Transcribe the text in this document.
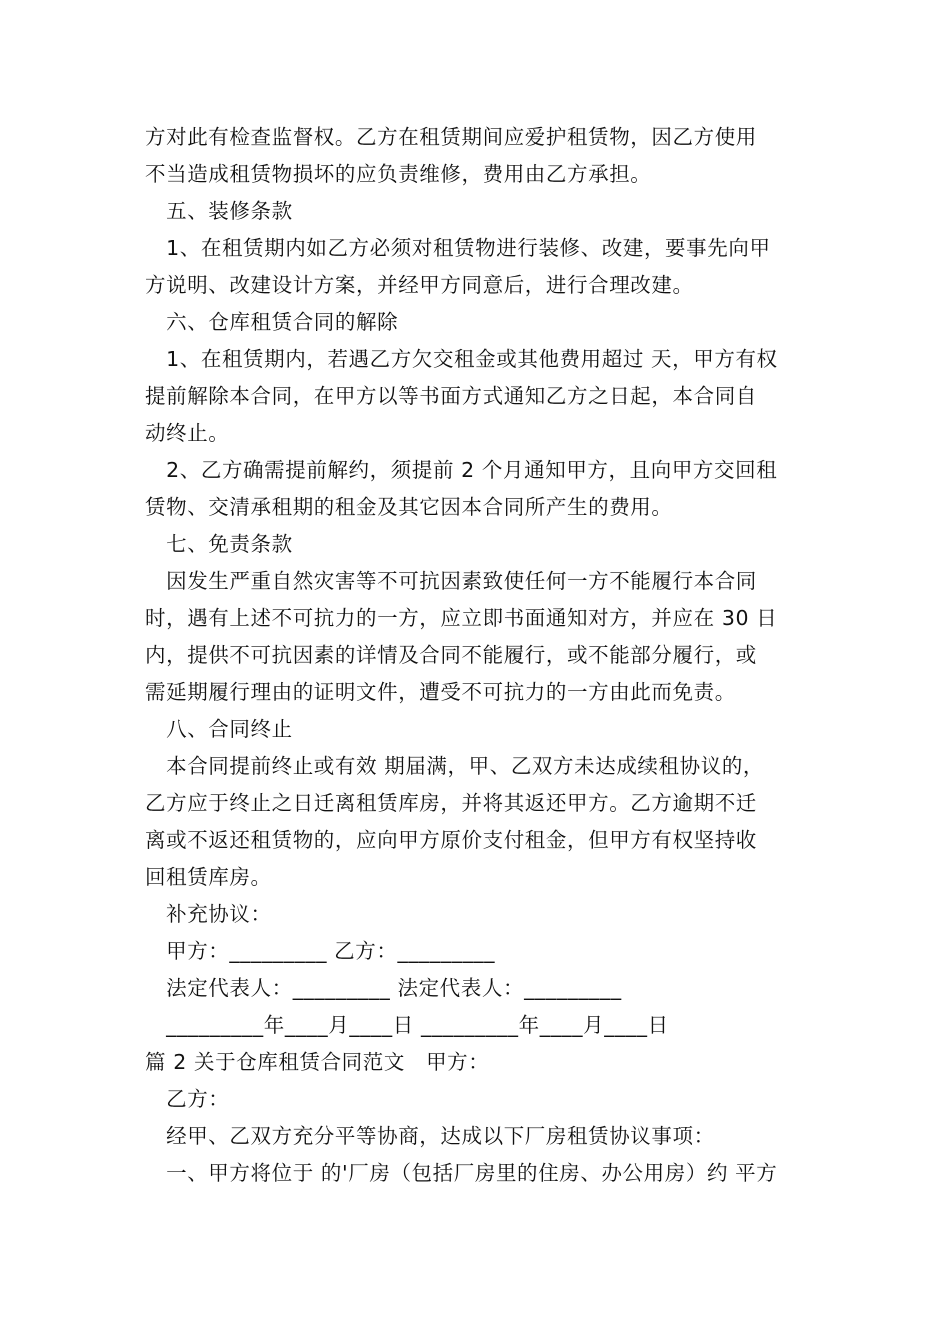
方对此有检查监督权。乙方在租赁期间应爱护租赁物，因乙方使用
不当造成租赁物损坏的应负责维修，费用由乙方承担。
　五、装修条款
　1、在租赁期内如乙方必须对租赁物进行装修、改建，要事先向甲
方说明、改建设计方案，并经甲方同意后，进行合理改建。
　六、仓库租赁合同的解除
　1、在租赁期内，若遇乙方欠交租金或其他费用超过 天，甲方有权
提前解除本合同，在甲方以等书面方式通知乙方之日起，本合同自
动终止。
　2、乙方确需提前解约，须提前 2 个月通知甲方，且向甲方交回租
赁物、交清承租期的租金及其它因本合同所产生的费用。
　七、免责条款
　因发生严重自然灾害等不可抗因素致使任何一方不能履行本合同
时，遇有上述不可抗力的一方，应立即书面通知对方，并应在 30 日
内，提供不可抗因素的详情及合同不能履行，或不能部分履行，或
需延期履行理由的证明文件，遭受不可抗力的一方由此而免责。
　八、合同终止
　本合同提前终止或有效 期届满，甲、乙双方未达成续租协议的，
乙方应于终止之日迁离租赁库房，并将其返还甲方。乙方逾期不迁
离或不返还租赁物的，应向甲方原价支付租金，但甲方有权坚持收
回租赁库房。
　补充协议：
　甲方：_________ 乙方：_________
　法定代表人：_________ 法定代表人：_________
　_________年____月____日 _________年____月____日
篇 2 关于仓库租赁合同范文　甲方：
　乙方：
　经甲、乙双方充分平等协商，达成以下厂房租赁协议事项：
　一、甲方将位于 的'厂房（包括厂房里的住房、办公用房）约 平方
